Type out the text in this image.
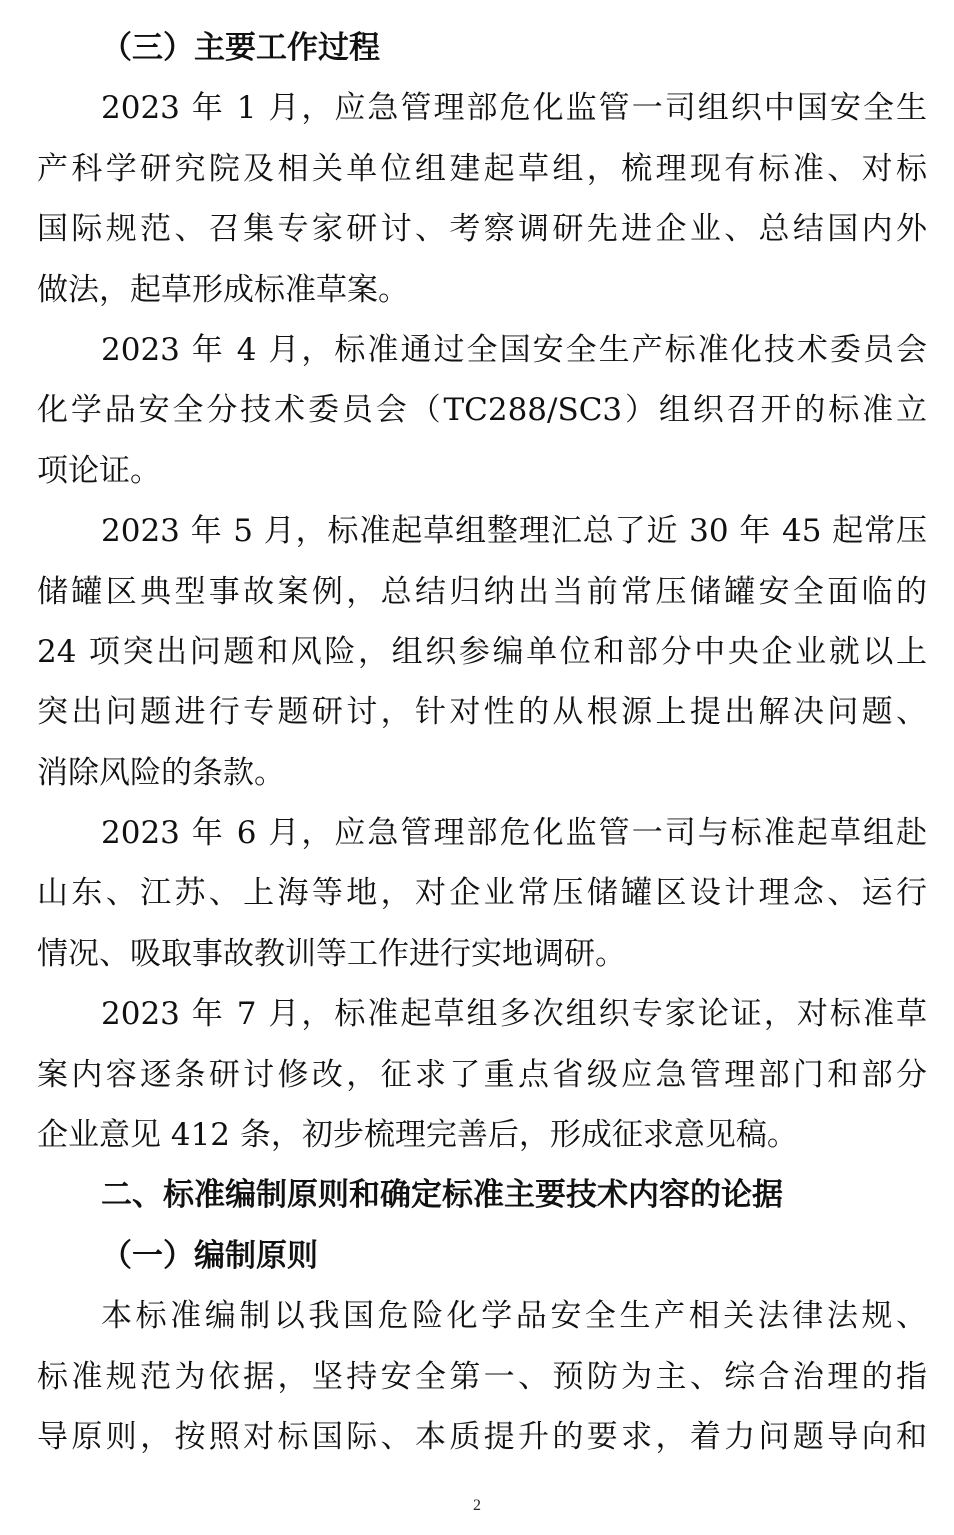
（三）主要工作过程
2023 年 1 月，应急管理部危化监管一司组织中国安全生
产科学研究院及相关单位组建起草组，梳理现有标准、对标
国际规范、召集专家研讨、考察调研先进企业、总结国内外
做法，起草形成标准草案。
2023 年 4 月，标准通过全国安全生产标准化技术委员会
化学品安全分技术委员会（TC288/SC3）组织召开的标准立
项论证。
2023 年 5 月，标准起草组整理汇总了近 30 年 45 起常压
储罐区典型事故案例，总结归纳出当前常压储罐安全面临的
24 项突出问题和风险，组织参编单位和部分中央企业就以上
突出问题进行专题研讨，针对性的从根源上提出解决问题、
消除风险的条款。
2023 年 6 月，应急管理部危化监管一司与标准起草组赴
山东、江苏、上海等地，对企业常压储罐区设计理念、运行
情况、吸取事故教训等工作进行实地调研。
2023 年 7 月，标准起草组多次组织专家论证，对标准草
案内容逐条研讨修改，征求了重点省级应急管理部门和部分
企业意见 412 条，初步梳理完善后，形成征求意见稿。
二、标准编制原则和确定标准主要技术内容的论据
（一）编制原则
本标准编制以我国危险化学品安全生产相关法律法规、
标准规范为依据，坚持安全第一、预防为主、综合治理的指
导原则，按照对标国际、本质提升的要求，着力问题导向和
2
